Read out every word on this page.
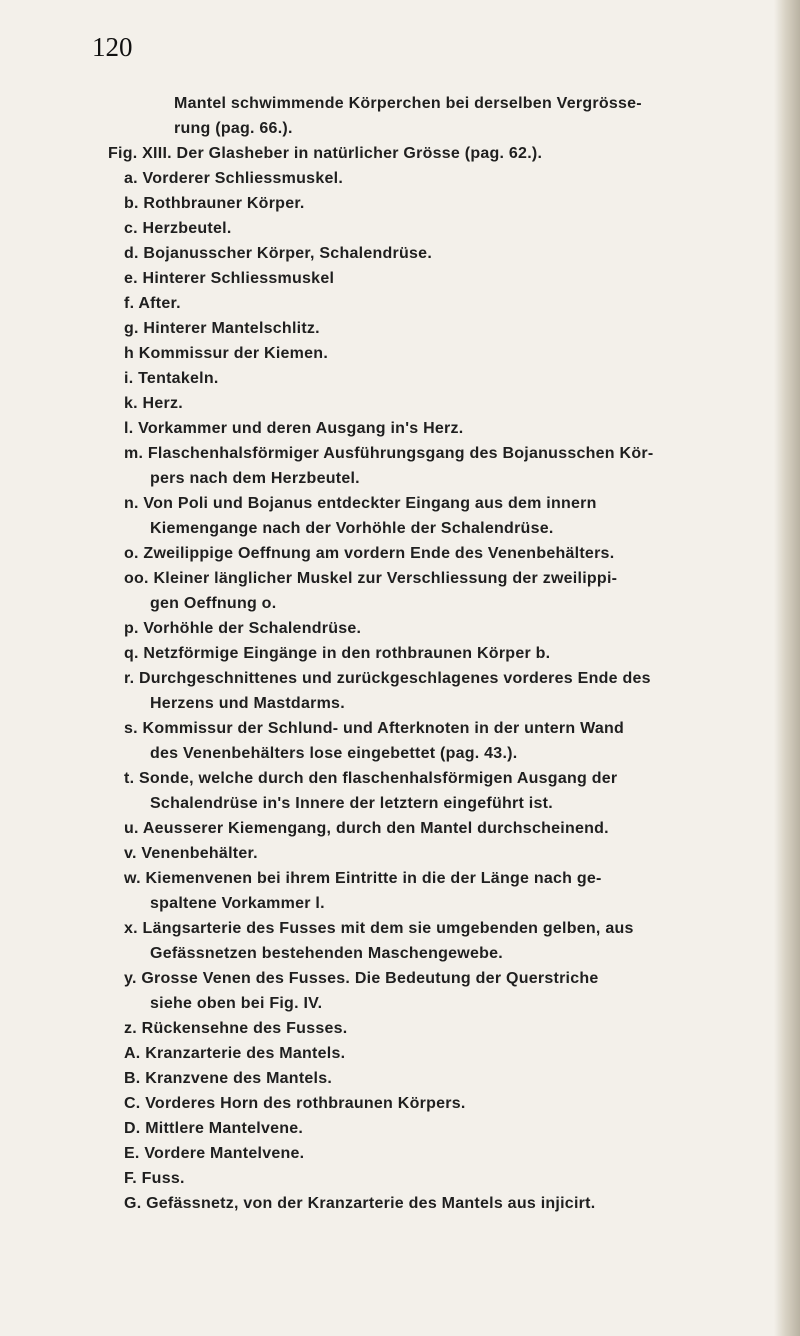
120
Mantel schwimmende Körperchen bei derselben Vergrösse-
rung (pag. 66.).
Fig. XIII. Der Glasheber in natürlicher Grösse (pag. 62.).
a. Vorderer Schliessmuskel.
b. Rothbrauner Körper.
c. Herzbeutel.
d. Bojanusscher Körper, Schalendrüse.
e. Hinterer Schliessmuskel
f. After.
g. Hinterer Mantelschlitz.
h Kommissur der Kiemen.
i. Tentakeln.
k. Herz.
l. Vorkammer und deren Ausgang in's Herz.
m. Flaschenhalsförmiger Ausführungsgang des Bojanusschen Kör-
pers nach dem Herzbeutel.
n. Von Poli und Bojanus entdeckter Eingang aus dem innern
Kiemengange nach der Vorhöhle der Schalendrüse.
o. Zweilippige Oeffnung am vordern Ende des Venenbehälters.
oo. Kleiner länglicher Muskel zur Verschliessung der zweilippi-
gen Oeffnung o.
p. Vorhöhle der Schalendrüse.
q. Netzförmige Eingänge in den rothbraunen Körper b.
r. Durchgeschnittenes und zurückgeschlagenes vorderes Ende des
Herzens und Mastdarms.
s. Kommissur der Schlund- und Afterknoten in der untern Wand
des Venenbehälters lose eingebettet (pag. 43.).
t. Sonde, welche durch den flaschenhalsförmigen Ausgang der
Schalendrüse in's Innere der letztern eingeführt ist.
u. Aeusserer Kiemengang, durch den Mantel durchscheinend.
v. Venenbehälter.
w. Kiemenvenen bei ihrem Eintritte in die der Länge nach ge-
spaltene Vorkammer l.
x. Längsarterie des Fusses mit dem sie umgebenden gelben, aus
Gefässnetzen bestehenden Maschengewebe.
y. Grosse Venen des Fusses. Die Bedeutung der Querstriche
siehe oben bei Fig. IV.
z. Rückensehne des Fusses.
A. Kranzarterie des Mantels.
B. Kranzvene des Mantels.
C. Vorderes Horn des rothbraunen Körpers.
D. Mittlere Mantelvene.
E. Vordere Mantelvene.
F. Fuss.
G. Gefässnetz, von der Kranzarterie des Mantels aus injicirt.
